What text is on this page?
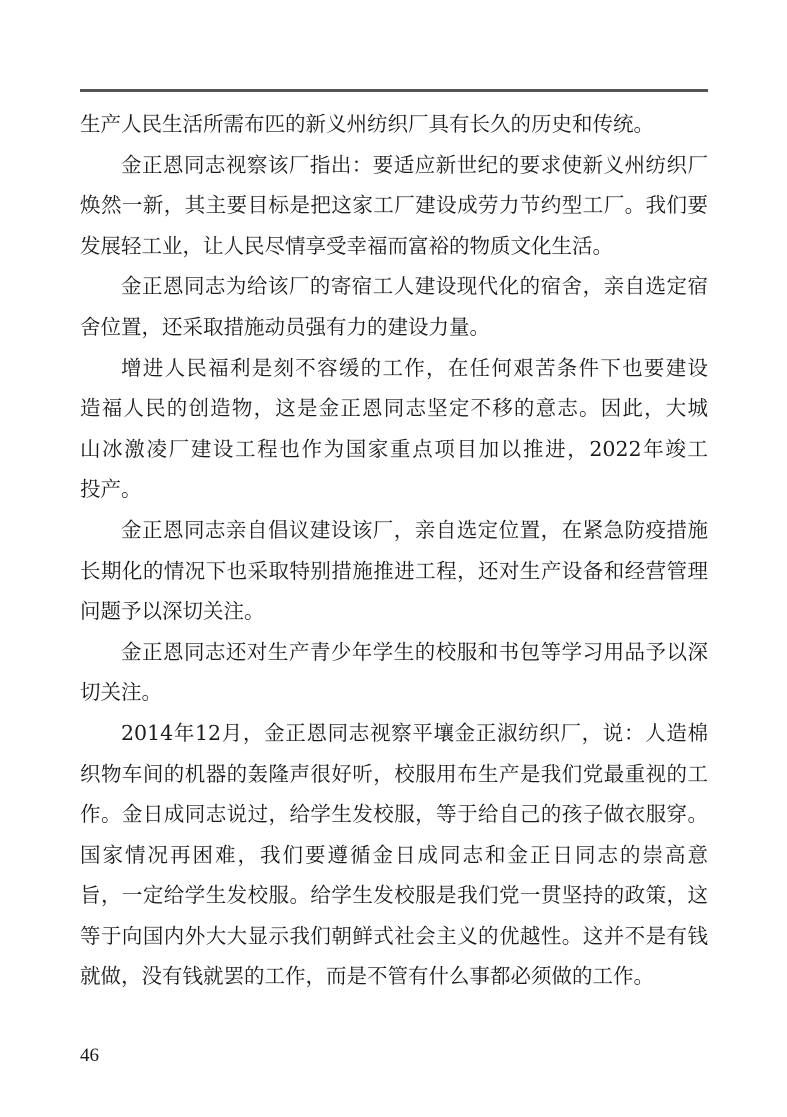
生产人民生活所需布匹的新义州纺织厂具有长久的历史和传统。
金正恩同志视察该厂指出：要适应新世纪的要求使新义州纺织厂
焕然一新，其主要目标是把这家工厂建设成劳力节约型工厂。我们要
发展轻工业，让人民尽情享受幸福而富裕的物质文化生活。
金正恩同志为给该厂的寄宿工人建设现代化的宿舍，亲自选定宿
舍位置，还采取措施动员强有力的建设力量。
增进人民福利是刻不容缓的工作，在任何艰苦条件下也要建设
造福人民的创造物，这是金正恩同志坚定不移的意志。因此，大城
山冰激凌厂建设工程也作为国家重点项目加以推进，2022年竣工
投产。
金正恩同志亲自倡议建设该厂，亲自选定位置，在紧急防疫措施
长期化的情况下也采取特别措施推进工程，还对生产设备和经营管理
问题予以深切关注。
金正恩同志还对生产青少年学生的校服和书包等学习用品予以深
切关注。
2014年12月，金正恩同志视察平壤金正淑纺织厂，说：人造棉
织物车间的机器的轰隆声很好听，校服用布生产是我们党最重视的工
作。金日成同志说过，给学生发校服，等于给自己的孩子做衣服穿。
国家情况再困难，我们要遵循金日成同志和金正日同志的崇高意
旨，一定给学生发校服。给学生发校服是我们党一贯坚持的政策，这
等于向国内外大大显示我们朝鲜式社会主义的优越性。这并不是有钱
就做，没有钱就罢的工作，而是不管有什么事都必须做的工作。
46
